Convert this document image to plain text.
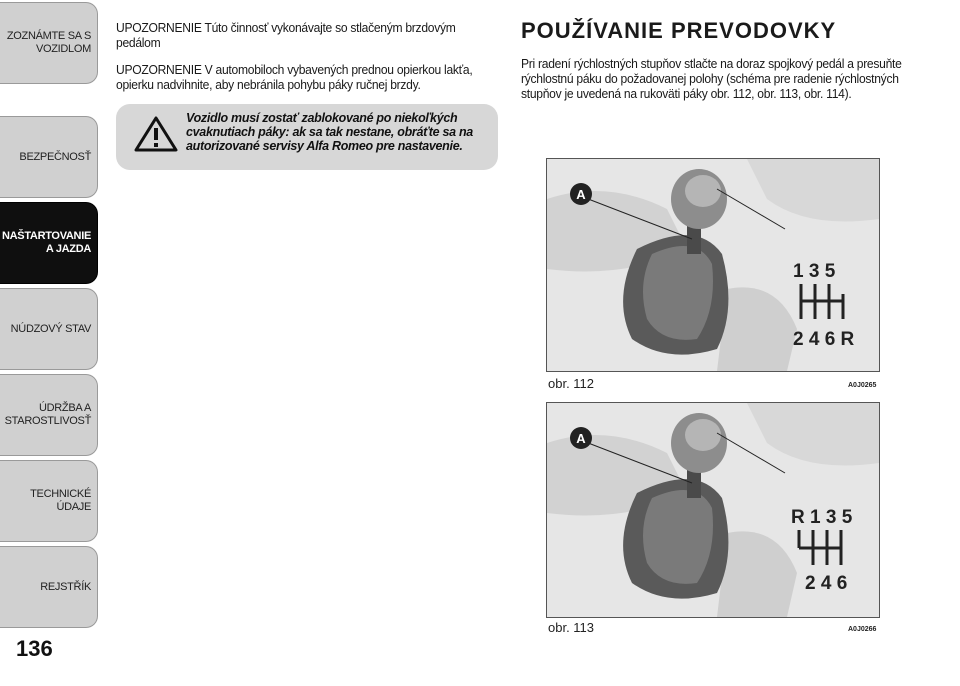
ZOZNÁMTE SA S
VOZIDLOM
BEZPEČNOSŤ
NAŠTARTOVANIE
A JAZDA
NÚDZOVÝ STAV
ÚDRŽBA A
STAROSTLIVOSŤ
TECHNICKÉ ÚDAJE
REJSTŘÍK
136

UPOZORNENIE Túto činnosť vykonávajte so stlačeným brzdovým pedálom

UPOZORNENIE V automobiloch vybavených prednou opierkou lakťa, opierku nadvihnite, aby nebránila pohybu páky ručnej brzdy.

Vozidlo musí zostať zablokované po niekoľkých cvaknutiach páky: ak sa tak nestane, obráťte sa na autorizované servisy Alfa Romeo pre nastavenie.
POUŽÍVANIE PREVODOVKY

Pri radení rýchlostných stupňov stlačte na doraz spojkový pedál a presuňte rýchlostnú páku do požadovanej polohy (schéma pre radenie rýchlostných stupňov je uvedená na rukoväti páky obr. 112, obr. 113, obr. 114).

A
1 3 5
2 4 6 R
obr. 112	A0J0265
A
R 1 3 5
2 4 6
obr. 113	A0J0266
